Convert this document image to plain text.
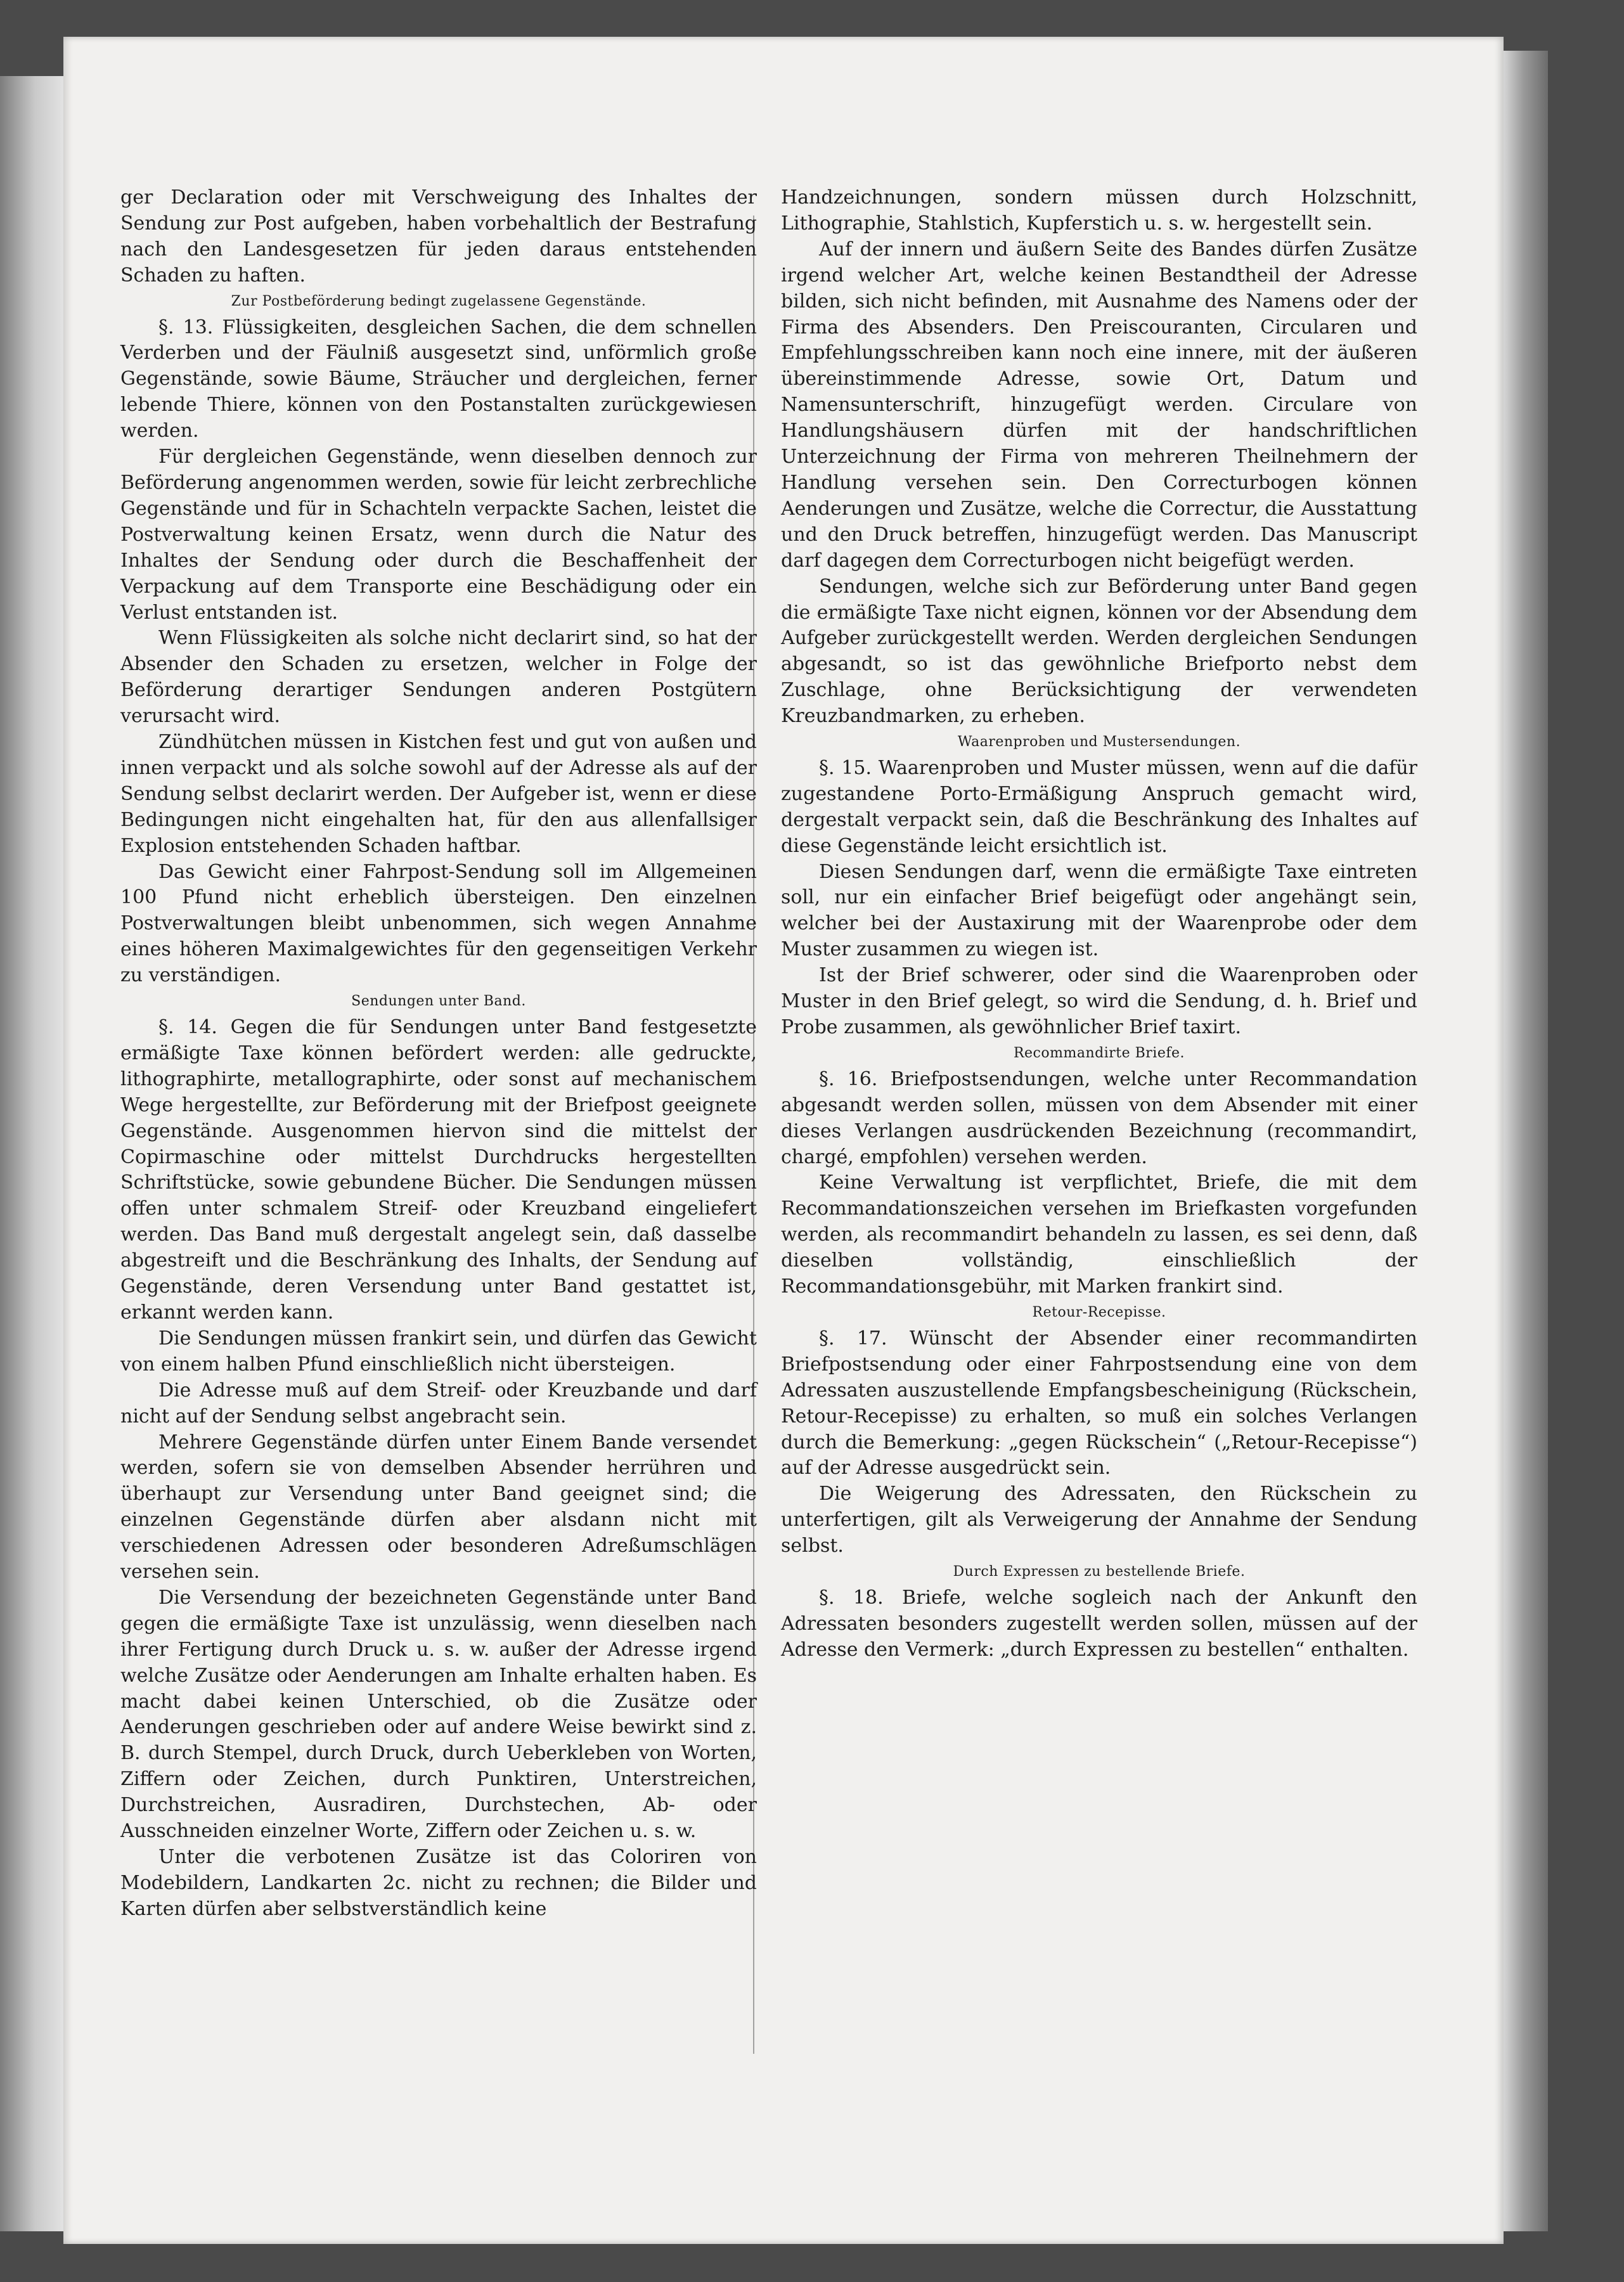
ger Declaration oder mit Verschweigung des Inhaltes der Sendung zur Post aufgeben, haben vorbehaltlich der Bestrafung nach den Landesgesetzen für jeden daraus entstehenden Schaden zu haften.

Zur Postbeförderung bedingt zugelassene Gegenstände.

§. 13. Flüssigkeiten, desgleichen Sachen, die dem schnellen Verderben und der Fäulniß ausgesetzt sind, unförmlich große Gegenstände, sowie Bäume, Sträucher und dergleichen, ferner lebende Thiere, können von den Postanstalten zurückgewiesen werden.

Für dergleichen Gegenstände, wenn dieselben dennoch zur Beförderung angenommen werden, sowie für leicht zerbrechliche Gegenstände und für in Schachteln verpackte Sachen, leistet die Postverwaltung keinen Ersatz, wenn durch die Natur des Inhaltes der Sendung oder durch die Beschaffenheit der Verpackung auf dem Transporte eine Beschädigung oder ein Verlust entstanden ist.

Wenn Flüssigkeiten als solche nicht declarirt sind, so hat der Absender den Schaden zu ersetzen, welcher in Folge der Beförderung derartiger Sendungen anderen Postgütern verursacht wird.

Zündhütchen müssen in Kistchen fest und gut von außen und innen verpackt und als solche sowohl auf der Adresse als auf der Sendung selbst declarirt werden. Der Aufgeber ist, wenn er diese Bedingungen nicht eingehalten hat, für den aus allenfallsiger Explosion entstehenden Schaden haftbar.

Das Gewicht einer Fahrpost-Sendung soll im Allgemeinen 100 Pfund nicht erheblich übersteigen. Den einzelnen Postverwaltungen bleibt unbenommen, sich wegen Annahme eines höheren Maximalgewichtes für den gegenseitigen Verkehr zu verständigen.

Sendungen unter Band.

§. 14. Gegen die für Sendungen unter Band festgesetzte ermäßigte Taxe können befördert werden: alle gedruckte, lithographirte, metallographirte, oder sonst auf mechanischem Wege hergestellte, zur Beförderung mit der Briefpost geeignete Gegenstände. Ausgenommen hiervon sind die mittelst der Copirmaschine oder mittelst Durchdrucks hergestellten Schriftstücke, sowie gebundene Bücher. Die Sendungen müssen offen unter schmalem Streif- oder Kreuzband eingeliefert werden. Das Band muß dergestalt angelegt sein, daß dasselbe abgestreift und die Beschränkung des Inhalts, der Sendung auf Gegenstände, deren Versendung unter Band gestattet ist, erkannt werden kann.

Die Sendungen müssen frankirt sein, und dürfen das Gewicht von einem halben Pfund einschließlich nicht übersteigen.

Die Adresse muß auf dem Streif- oder Kreuzbande und darf nicht auf der Sendung selbst angebracht sein.

Mehrere Gegenstände dürfen unter Einem Bande versendet werden, sofern sie von demselben Absender herrühren und überhaupt zur Versendung unter Band geeignet sind; die einzelnen Gegenstände dürfen aber alsdann nicht mit verschiedenen Adressen oder besonderen Adreßumschlägen versehen sein.

Die Versendung der bezeichneten Gegenstände unter Band gegen die ermäßigte Taxe ist unzulässig, wenn dieselben nach ihrer Fertigung durch Druck u. s. w. außer der Adresse irgend welche Zusätze oder Aenderungen am Inhalte erhalten haben. Es macht dabei keinen Unterschied, ob die Zusätze oder Aenderungen geschrieben oder auf andere Weise bewirkt sind z. B. durch Stempel, durch Druck, durch Ueberkleben von Worten, Ziffern oder Zeichen, durch Punktiren, Unterstreichen, Durchstreichen, Ausradiren, Durchstechen, Ab- oder Ausschneiden einzelner Worte, Ziffern oder Zeichen u. s. w.

Unter die verbotenen Zusätze ist das Coloriren von Modebildern, Landkarten 2c. nicht zu rechnen; die Bilder und Karten dürfen aber selbstverständlich keine

Handzeichnungen, sondern müssen durch Holzschnitt, Lithographie, Stahlstich, Kupferstich u. s. w. hergestellt sein.

Auf der innern und äußern Seite des Bandes dürfen Zusätze irgend welcher Art, welche keinen Bestandtheil der Adresse bilden, sich nicht befinden, mit Ausnahme des Namens oder der Firma des Absenders. Den Preiscouranten, Circularen und Empfehlungsschreiben kann noch eine innere, mit der äußeren übereinstimmende Adresse, sowie Ort, Datum und Namensunterschrift, hinzugefügt werden. Circulare von Handlungshäusern dürfen mit der handschriftlichen Unterzeichnung der Firma von mehreren Theilnehmern der Handlung versehen sein. Den Correcturbogen können Aenderungen und Zusätze, welche die Correctur, die Ausstattung und den Druck betreffen, hinzugefügt werden. Das Manuscript darf dagegen dem Correcturbogen nicht beigefügt werden.

Sendungen, welche sich zur Beförderung unter Band gegen die ermäßigte Taxe nicht eignen, können vor der Absendung dem Aufgeber zurückgestellt werden. Werden dergleichen Sendungen abgesandt, so ist das gewöhnliche Briefporto nebst dem Zuschlage, ohne Berücksichtigung der verwendeten Kreuzbandmarken, zu erheben.

Waarenproben und Mustersendungen.

§. 15. Waarenproben und Muster müssen, wenn auf die dafür zugestandene Porto-Ermäßigung Anspruch gemacht wird, dergestalt verpackt sein, daß die Beschränkung des Inhaltes auf diese Gegenstände leicht ersichtlich ist.

Diesen Sendungen darf, wenn die ermäßigte Taxe eintreten soll, nur ein einfacher Brief beigefügt oder angehängt sein, welcher bei der Austaxirung mit der Waarenprobe oder dem Muster zusammen zu wiegen ist.

Ist der Brief schwerer, oder sind die Waarenproben oder Muster in den Brief gelegt, so wird die Sendung, d. h. Brief und Probe zusammen, als gewöhnlicher Brief taxirt.

Recommandirte Briefe.

§. 16. Briefpostsendungen, welche unter Recommandation abgesandt werden sollen, müssen von dem Absender mit einer dieses Verlangen ausdrückenden Bezeichnung (recommandirt, chargé, empfohlen) versehen werden.

Keine Verwaltung ist verpflichtet, Briefe, die mit dem Recommandationszeichen versehen im Briefkasten vorgefunden werden, als recommandirt behandeln zu lassen, es sei denn, daß dieselben vollständig, einschließlich der Recommandationsgebühr, mit Marken frankirt sind.

Retour-Recepisse.

§. 17. Wünscht der Absender einer recommandirten Briefpostsendung oder einer Fahrpostsendung eine von dem Adressaten auszustellende Empfangsbescheinigung (Rückschein, Retour-Recepisse) zu erhalten, so muß ein solches Verlangen durch die Bemerkung: „gegen Rückschein“ („Retour-Recepisse“) auf der Adresse ausgedrückt sein.

Die Weigerung des Adressaten, den Rückschein zu unterfertigen, gilt als Verweigerung der Annahme der Sendung selbst.

Durch Expressen zu bestellende Briefe.

§. 18. Briefe, welche sogleich nach der Ankunft den Adressaten besonders zugestellt werden sollen, müssen auf der Adresse den Vermerk: „durch Expressen zu bestellen“ enthalten.
